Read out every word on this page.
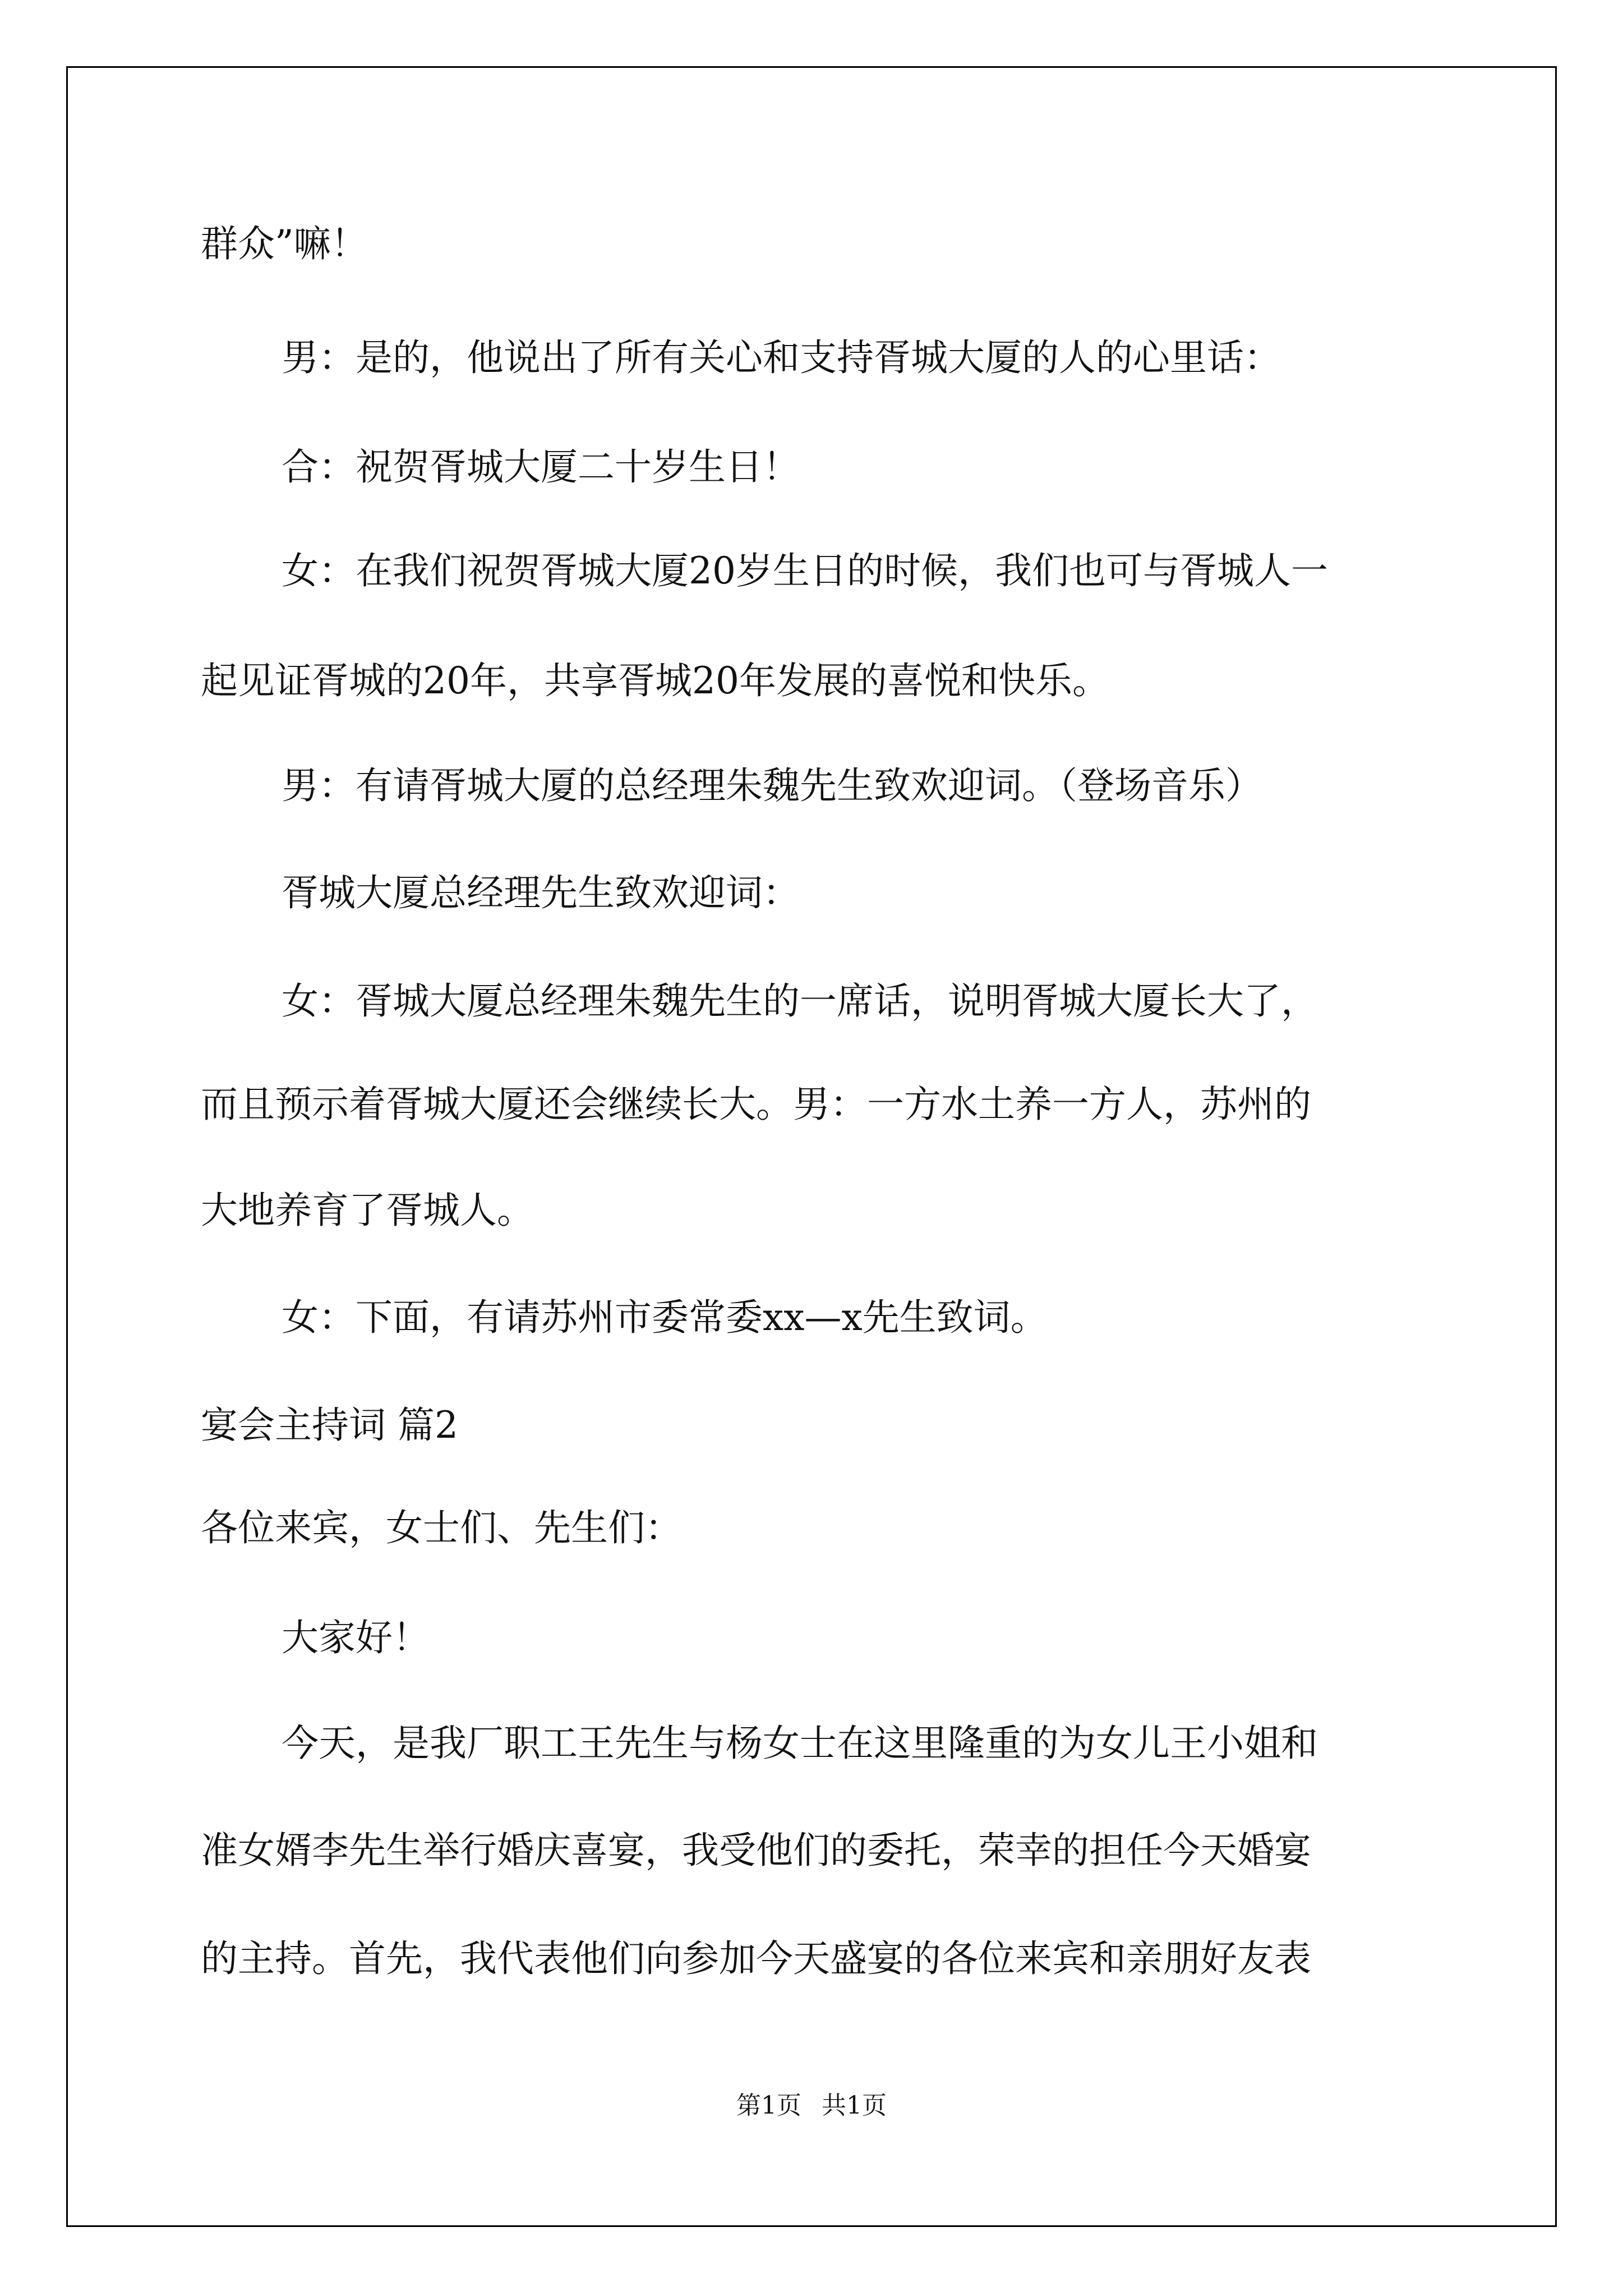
群众”嘛！
男：是的，他说出了所有关心和支持胥城大厦的人的心里话：
合：祝贺胥城大厦二十岁生日！
女：在我们祝贺胥城大厦20岁生日的时候，我们也可与胥城人一
起见证胥城的20年，共享胥城20年发展的喜悦和快乐。
男：有请胥城大厦的总经理朱魏先生致欢迎词。（登场音乐）
胥城大厦总经理先生致欢迎词：
女：胥城大厦总经理朱魏先生的一席话，说明胥城大厦长大了，
而且预示着胥城大厦还会继续长大。男：一方水土养一方人，苏州的
大地养育了胥城人。
女：下面，有请苏州市委常委xx—x先生致词。
宴会主持词 篇2
各位来宾，女士们、先生们：
大家好！
今天，是我厂职工王先生与杨女士在这里隆重的为女儿王小姐和
准女婿李先生举行婚庆喜宴，我受他们的委托，荣幸的担任今天婚宴
的主持。首先，我代表他们向参加今天盛宴的各位来宾和亲朋好友表
第1页 共1页
